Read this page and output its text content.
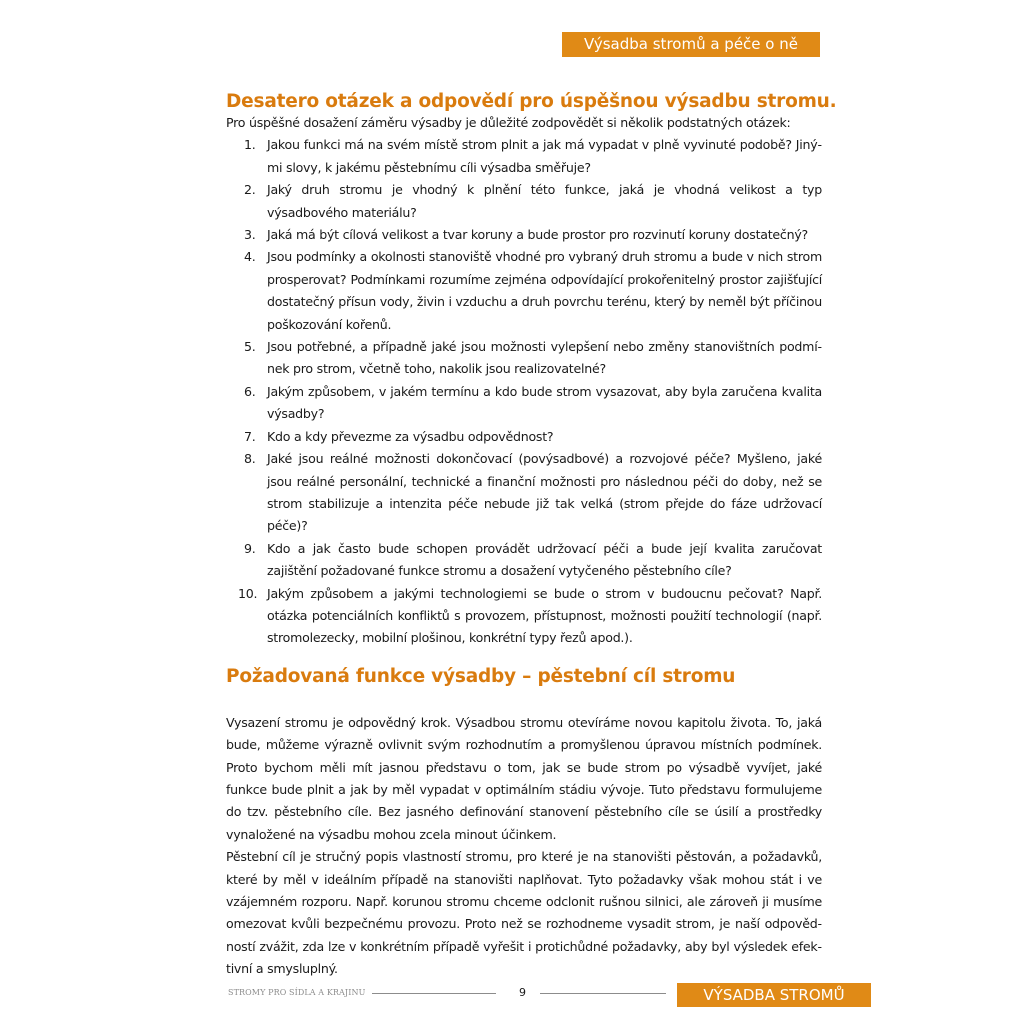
Výsadba stromů a péče o ně
Desatero otázek a odpovědí pro úspěšnou výsadbu stromu.

Pro úspěšné dosažení záměru výsadby je důležité zodpovědět si několik podstatných otázek:

1. Jakou funkci má na svém místě strom plnit a jak má vypadat v plně vyvinuté podobě? Jinými slovy, k jakému pěstebnímu cíli výsadba směřuje?
2. Jaký druh stromu je vhodný k plnění této funkce, jaká je vhodná velikost a typ výsadbového materiálu?
3. Jaká má být cílová velikost a tvar koruny a bude prostor pro rozvinutí koruny dostatečný?
4. Jsou podmínky a okolnosti stanoviště vhodné pro vybraný druh stromu a bude v nich strom prosperovat? Podmínkami rozumíme zejména odpovídající prokořenitelný prostor zajišťující dostatečný přísun vody, živin i vzduchu a druh povrchu terénu, který by neměl být příčinou poškozování kořenů.
5. Jsou potřebné, a případně jaké jsou možnosti vylepšení nebo změny stanovištních podmínek pro strom, včetně toho, nakolik jsou realizovatelné?
6. Jakým způsobem, v jakém termínu a kdo bude strom vysazovat, aby byla zaručena kvalita výsadby?
7. Kdo a kdy převezme za výsadbu odpovědnost?
8. Jaké jsou reálné možnosti dokončovací (povýsadbové) a rozvojové péče? Myšleno, jaké jsou reálné personální, technické a finanční možnosti pro následnou péči do doby, než se strom stabilizuje a intenzita péče nebude již tak velká (strom přejde do fáze udržovací péče)?
9. Kdo a jak často bude schopen provádět udržovací péči a bude její kvalita zaručovat zajištění požadované funkce stromu a dosažení vytyčeného pěstebního cíle?
10. Jakým způsobem a jakými technologiemi se bude o strom v budoucnu pečovat? Např. otázka potenciálních konfliktů s provozem, přístupnost, možnosti použití technologií (např. stromolezecky, mobilní plošinou, konkrétní typy řezů apod.).
Požadovaná funkce výsadby – pěstební cíl stromu

Vysazení stromu je odpovědný krok. Výsadbou stromu otevíráme novou kapitolu života. To, jaká bude, můžeme výrazně ovlivnit svým rozhodnutím a promyšlenou úpravou místních podmínek. Proto bychom měli mít jasnou představu o tom, jak se bude strom po výsadbě vyvíjet, jaké funkce bude plnit a jak by měl vypadat v optimálním stádiu vývoje. Tuto představu formulujeme do tzv. pěstebního cíle. Bez jasného definování stanovení pěstebního cíle se úsilí a prostředky vynaložené na výsadbu mohou zcela minout účinkem.

Pěstební cíl je stručný popis vlastností stromu, pro které je na stanovišti pěstován, a požadavků, které by měl v ideálním případě na stanovišti naplňovat. Tyto požadavky však mohou stát i ve vzájemném rozporu. Např. korunou stromu chceme odclonit rušnou silnici, ale zároveň ji musíme omezovat kvůli bezpečnému provozu. Proto než se rozhodneme vysadit strom, je naší odpovědností zvážit, zda lze v konkrétním případě vyřešit i protichůdné požadavky, aby byl výsledek efektivní a smysluplný.

STROMY PRO SÍDLA A KRAJINU	9	VÝSADBA STROMŮ
